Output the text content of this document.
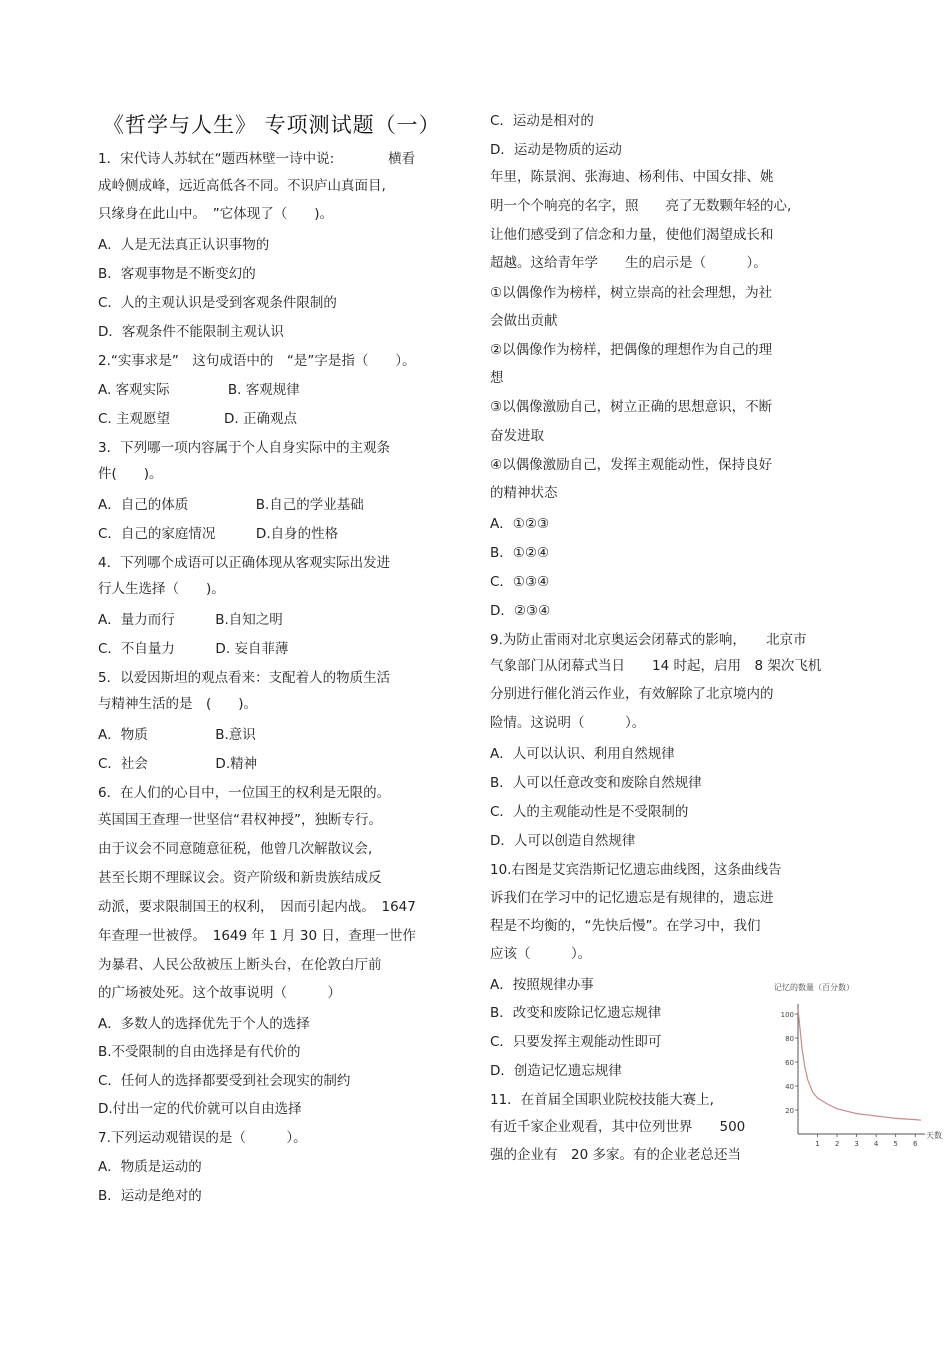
《哲学与人生》 专项测试题（一）
1．宋代诗人苏轼在“题西林壁一诗中说:　　　　横看
成岭侧成峰，远近高低各不同。不识庐山真面目,
只缘身在此山中。　”它体现了（　　)。
A．人是无法真正认识事物的
B．客观事物是不断变幻的
C．人的主观认识是受到客观条件限制的
D．客观条件不能限制主观认识
2.“实事求是”　这句成语中的　“是”字是指（　　）。
A. 客观实际　　　　 B. 客观规律
C. 主观愿望　　　　D. 正确观点
3．下列哪一项内容属于个人自身实际中的主观条
件(　　)。
A．自己的体质　　　　　B.自己的学业基础
C．自己的家庭情况　　　D.自身的性格
4．下列哪个成语可以正确体现从客观实际出发进
行人生选择（　　)。
A．量力而行　　　B.自知之明
C．不自量力　　　D. 妄自菲薄
5．以爱因斯坦的观点看来：支配着人的物质生活
与精神生活的是　(　　)。
A．物质　　　　　B.意识
C．社会　　　　　D.精神
6．在人们的心目中，一位国王的权利是无限的。
英国国王查理一世坚信“君权神授”，独断专行。
由于议会不同意随意征税，他曾几次解散议会,
甚至长期不理睬议会。资产阶级和新贵族结成反
动派，要求限制国王的权利，　因而引起内战。　1647
年查理一世被俘。　1649 年 1 月 30 日，查理一世作
为暴君、人民公敌被压上断头台，在伦敦白厅前
的广场被处死。这个故事说明（　　　）
A．多数人的选择优先于个人的选择
B.不受限制的自由选择是有代价的
C．任何人的选择都要受到社会现实的制约
D.付出一定的代价就可以自由选择
7.下列运动观错误的是（　　　）。
A．物质是运动的
B．运动是绝对的
C．运动是相对的
D．运动是物质的运动
年里，陈景润、张海迪、杨利伟、中国女排、姚
明一个个响亮的名字，照　　亮了无数颗年轻的心,
让他们感受到了信念和力量，使他们渴望成长和
超越。这给青年学　　生的启示是（　　　）。
①以偶像作为榜样，树立崇高的社会理想，为社
会做出贡献
②以偶像作为榜样，把偶像的理想作为自己的理
想
③以偶像激励自己，树立正确的思想意识，不断
奋发进取
④以偶像激励自己，发挥主观能动性，保持良好
的精神状态
A．①②③
B．①②④
C．①③④
D．②③④
9.为防止雷雨对北京奥运会闭幕式的影响，　　北京市
气象部门从闭幕式当日　　14 时起，启用　8 架次飞机
分别进行催化消云作业，有效解除了北京境内的
险情。这说明（　　　）。
A．人可以认识、利用自然规律
B．人可以任意改变和废除自然规律
C．人的主观能动性是不受限制的
D．人可以创造自然规律
10.右图是艾宾浩斯记忆遗忘曲线图，这条曲线告
诉我们在学习中的记忆遗忘是有规律的，遗忘进
程是不均衡的，“先快后慢”。在学习中，我们
应该（　　　）。
A．按照规律办事
B．改变和废除记忆遗忘规律
C．只要发挥主观能动性即可
D．创造记忆遗忘规律
11．在首届全国职业院校技能大赛上,
有近千家企业观看，其中位列世界　　500
强的企业有　20 多家。有的企业老总还当
记忆的数量（百分数）
天数
100
80
60
40
20
1 2 3 4 5 6
